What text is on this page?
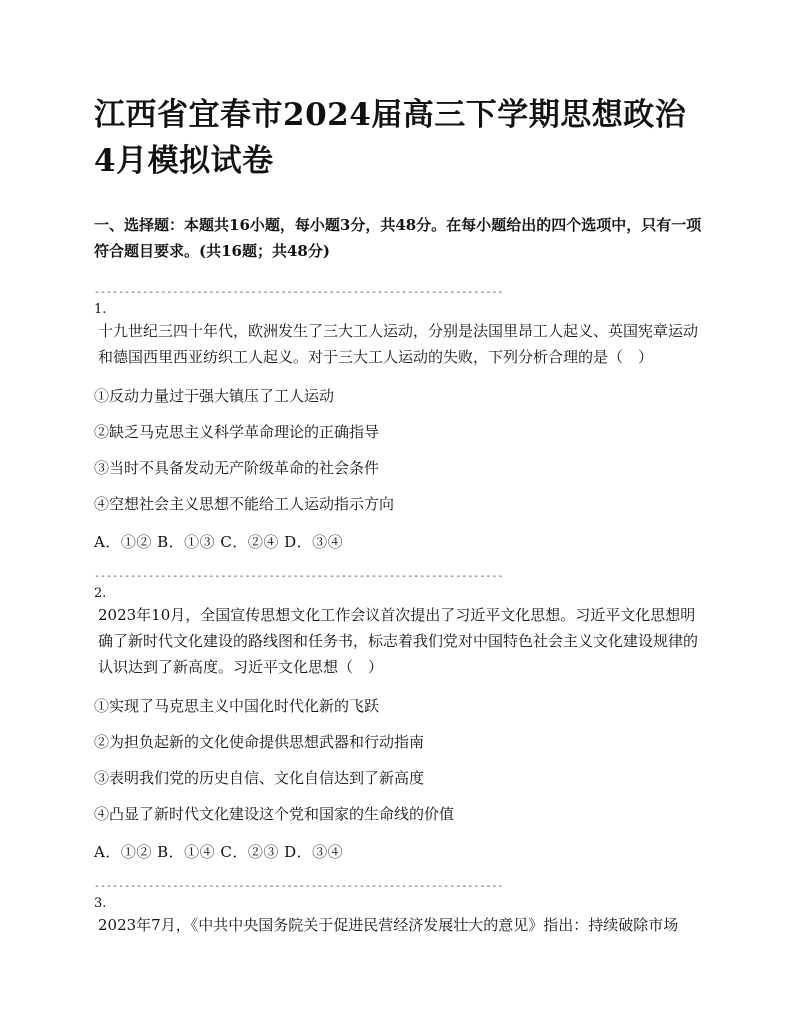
江西省宜春市2024届高三下学期思想政治4月模拟试卷
一、选择题：本题共16小题，每小题3分，共48分。在每小题给出的四个选项中，只有一项符合题目要求。(共16题；共48分)
--------------------------------------------------------------------
1.
十九世纪三四十年代，欧洲发生了三大工人运动，分别是法国里昂工人起义、英国宪章运动和德国西里西亚纺织工人起义。对于三大工人运动的失败，下列分析合理的是（　）
①反动力量过于强大镇压了工人运动
②缺乏马克思主义科学革命理论的正确指导
③当时不具备发动无产阶级革命的社会条件
④空想社会主义思想不能给工人运动指示方向
A．①② B．①③ C．②④ D．③④
--------------------------------------------------------------------
2.
2023年10月，全国宣传思想文化工作会议首次提出了习近平文化思想。习近平文化思想明确了新时代文化建设的路线图和任务书，标志着我们党对中国特色社会主义文化建设规律的认识达到了新高度。习近平文化思想（　）
①实现了马克思主义中国化时代化新的飞跃
②为担负起新的文化使命提供思想武器和行动指南
③表明我们党的历史自信、文化自信达到了新高度
④凸显了新时代文化建设这个党和国家的生命线的价值
A．①② B．①④ C．②③ D．③④
--------------------------------------------------------------------
3.
2023年7月，《中共中央国务院关于促进民营经济发展壮大的意见》指出：持续破除市场
